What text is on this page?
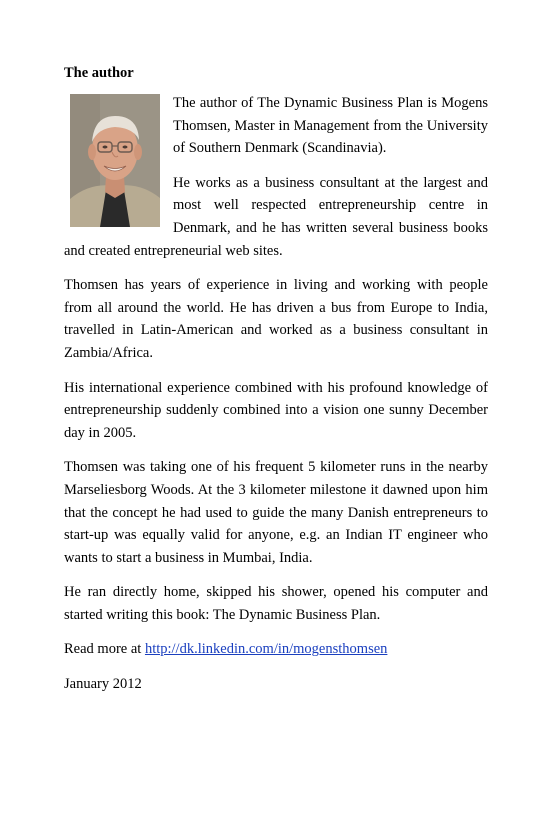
The author

The author of The Dynamic Business Plan is Mogens Thomsen, Master in Management from the University of Southern Denmark (Scandinavia).

He works as a business consultant at the largest and most well respected entrepreneurship centre in Denmark, and he has written several business books and created entrepreneurial web sites.

Thomsen has years of experience in living and working with people from all around the world. He has driven a bus from Europe to India, travelled in Latin-American and worked as a business consultant in Zambia/Africa.

His international experience combined with his profound knowledge of entrepreneurship suddenly combined into a vision one sunny December day in 2005.

Thomsen was taking one of his frequent 5 kilometer runs in the nearby Marseliesborg Woods. At the 3 kilometer milestone it dawned upon him that the concept he had used to guide the many Danish entrepreneurs to start-up was equally valid for anyone, e.g. an Indian IT engineer who wants to start a business in Mumbai, India.

He ran directly home, skipped his shower, opened his computer and started writing this book: The Dynamic Business Plan.

Read more at http://dk.linkedin.com/in/mogensthomsen

January 2012
